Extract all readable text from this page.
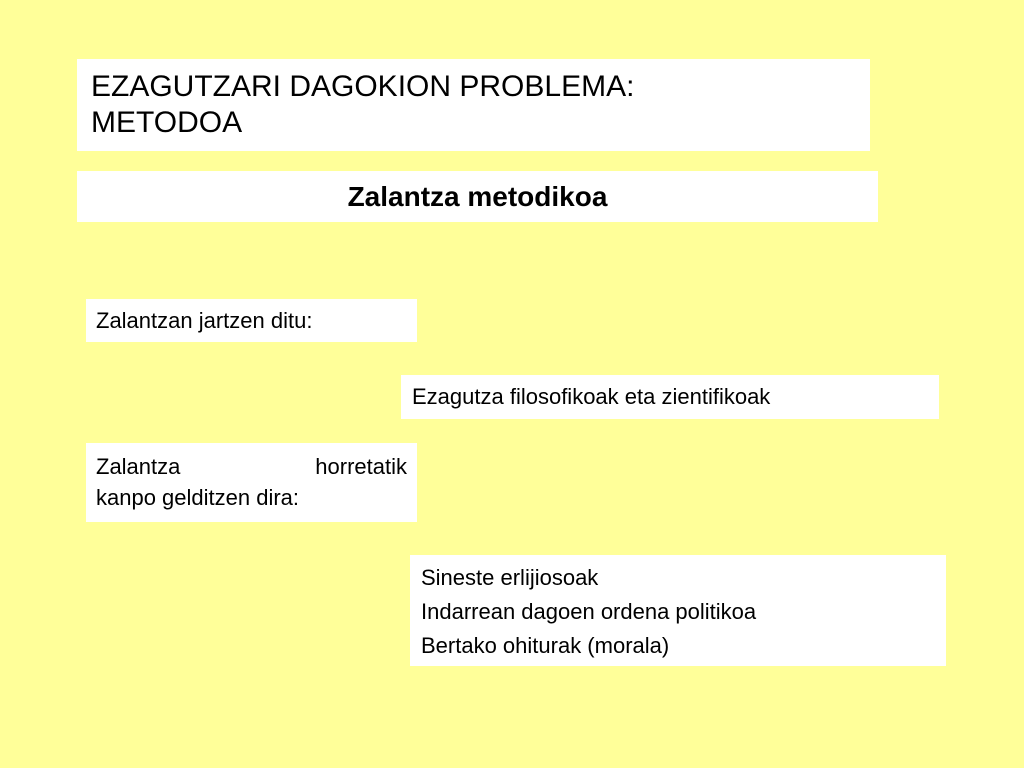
EZAGUTZARI DAGOKION PROBLEMA:
METODOA
Zalantza metodikoa
Zalantzan jartzen ditu:
Ezagutza filosofikoak eta zientifikoak
Zalantza	horretatik
kanpo gelditzen dira:
Sineste erlijiosoak
Indarrean dagoen ordena politikoa
Bertako ohiturak (morala)
